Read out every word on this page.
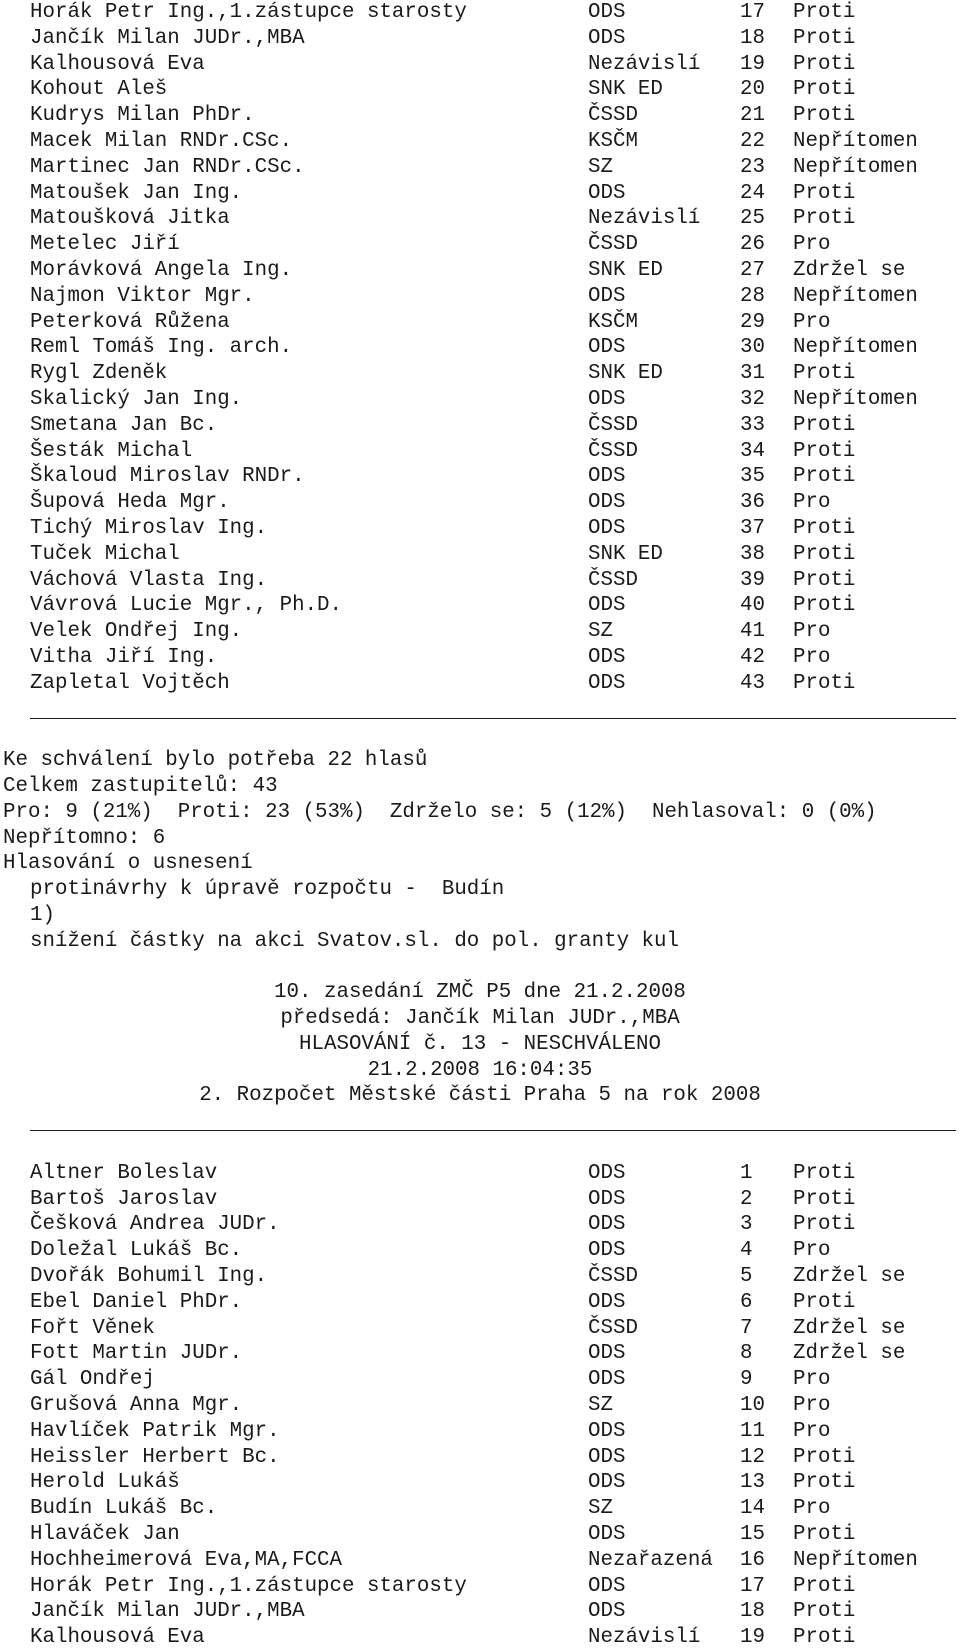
Horák Petr Ing.,1.zástupce starosty	ODS	17 Proti
Jančík Milan JUDr.,MBA	ODS	18 Proti
Kalhousová Eva	Nezávislí 19 Proti
Kohout Aleš	SNK ED	20 Proti
Kudrys Milan PhDr.	ČSSD	21 Proti
Macek Milan RNDr.CSc.	KSČM	22 Nepřítomen
Martinec Jan RNDr.CSc.	SZ	23 Nepřítomen
Matoušek Jan Ing.	ODS	24 Proti
Matoušková Jitka	Nezávislí 25 Proti
Metelec Jiří	ČSSD	26 Pro
Morávková Angela Ing.	SNK ED	27 Zdržel se
Najmon Viktor Mgr.	ODS	28 Nepřítomen
Peterková Růžena	KSČM	29 Pro
Reml Tomáš Ing. arch.	ODS	30 Nepřítomen
Rygl Zdeněk	SNK ED	31 Proti
Skalický Jan Ing.	ODS	32 Nepřítomen
Smetana Jan Bc.	ČSSD	33 Proti
Šesták Michal	ČSSD	34 Proti
Škaloud Miroslav RNDr.	ODS	35 Proti
Šupová Heda Mgr.	ODS	36 Pro
Tichý Miroslav Ing.	ODS	37 Proti
Tuček Michal	SNK ED	38 Proti
Váchová Vlasta Ing.	ČSSD	39 Proti
Vávrová Lucie Mgr., Ph.D.	ODS	40 Proti
Velek Ondřej Ing.	SZ	41 Pro
Vitha Jiří Ing.	ODS	42 Pro
Zapletal Vojtěch	ODS	43 Proti
Ke schválení bylo potřeba 22 hlasů
Celkem zastupitelů: 43
Pro: 9 (21%)  Proti: 23 (53%)  Zdrželo se: 5 (12%)  Nehlasoval: 0 (0%)
Nepřítomno: 6
Hlasování o usnesení
protinávrhy k úpravě rozpočtu -  Budín
1)
snížení částky na akci Svatov.sl. do pol. granty kul
10. zasedání ZMČ P5 dne 21.2.2008
předsedá: Jančík Milan JUDr.,MBA
HLASOVÁNÍ č. 13 - NESCHVÁLENO
21.2.2008 16:04:35
2. Rozpočet Městské části Praha 5 na rok 2008
Altner Boleslav	ODS	1 Proti
Bartoš Jaroslav	ODS	2 Proti
Češková Andrea JUDr.	ODS	3 Proti
Doležal Lukáš Bc.	ODS	4 Pro
Dvořák Bohumil Ing.	ČSSD	5 Zdržel se
Ebel Daniel PhDr.	ODS	6 Proti
Fořt Věnek	ČSSD	7 Zdržel se
Fott Martin JUDr.	ODS	8 Zdržel se
Gál Ondřej	ODS	9 Pro
Grušová Anna Mgr.	SZ	10 Pro
Havlíček Patrik Mgr.	ODS	11 Pro
Heissler Herbert Bc.	ODS	12 Proti
Herold Lukáš	ODS	13 Proti
Budín Lukáš Bc.	SZ	14 Pro
Hlaváček Jan	ODS	15 Proti
Hochheimerová Eva,MA,FCCA	Nezařazená 16 Nepřítomen
Horák Petr Ing.,1.zástupce starosty	ODS	17 Proti
Jančík Milan JUDr.,MBA	ODS	18 Proti
Kalhousová Eva	Nezávislí 19 Proti
